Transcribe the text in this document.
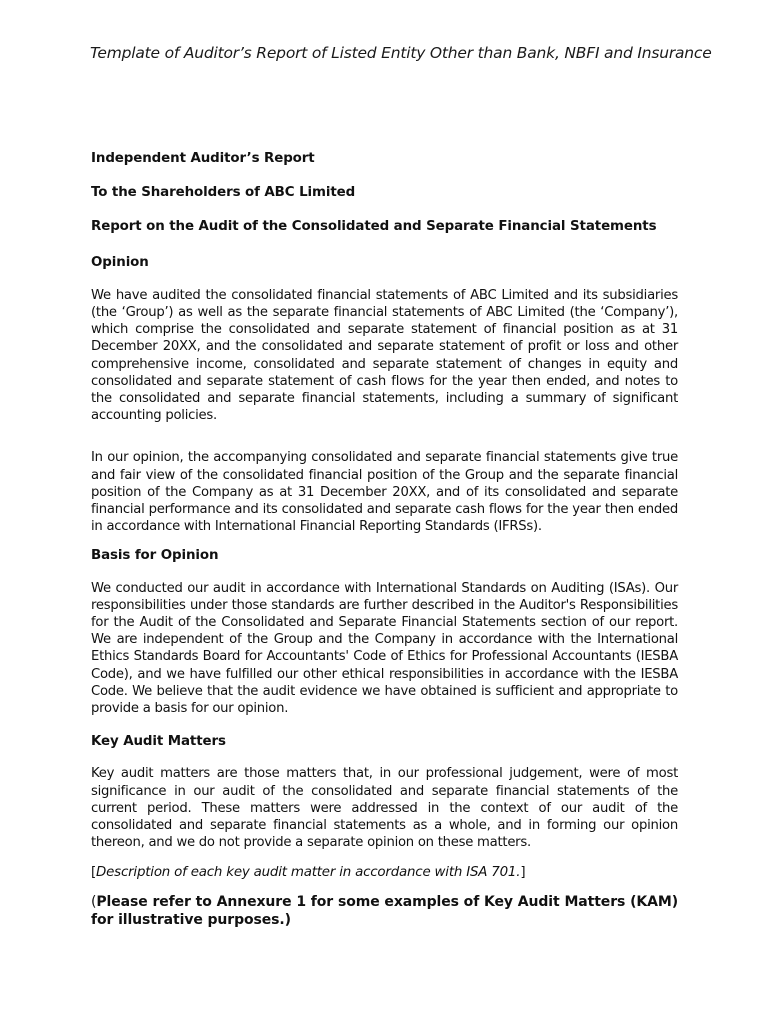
Template of Auditor’s Report of Listed Entity Other than Bank, NBFI and Insurance

Independent Auditor’s Report

To the Shareholders of ABC Limited

Report on the Audit of the Consolidated and Separate Financial Statements

Opinion

We have audited the consolidated financial statements of ABC Limited and its subsidiaries (the ‘Group’) as well as the separate financial statements of ABC Limited (the ‘Company’), which comprise the consolidated and separate statement of financial position as at 31 December 20XX, and the consolidated and separate statement of profit or loss and other comprehensive income, consolidated and separate statement of changes in equity and consolidated and separate statement of cash flows for the year then ended, and notes to the consolidated and separate financial statements, including a summary of significant accounting policies.

In our opinion, the accompanying consolidated and separate financial statements give true and fair view of the consolidated financial position of the Group and the separate financial position of the Company as at 31 December 20XX, and of its consolidated and separate financial performance and its consolidated and separate cash flows for the year then ended in accordance with International Financial Reporting Standards (IFRSs).

Basis for Opinion

We conducted our audit in accordance with International Standards on Auditing (ISAs). Our responsibilities under those standards are further described in the Auditor's Responsibilities for the Audit of the Consolidated and Separate Financial Statements section of our report. We are independent of the Group and the Company in accordance with the International Ethics Standards Board for Accountants' Code of Ethics for Professional Accountants (IESBA Code), and we have fulfilled our other ethical responsibilities in accordance with the IESBA Code. We believe that the audit evidence we have obtained is sufficient and appropriate to provide a basis for our opinion.

Key Audit Matters

Key audit matters are those matters that, in our professional judgement, were of most significance in our audit of the consolidated and separate financial statements of the current period. These matters were addressed in the context of our audit of the consolidated and separate financial statements as a whole, and in forming our opinion thereon, and we do not provide a separate opinion on these matters.

[Description of each key audit matter in accordance with ISA 701.]

(Please refer to Annexure 1 for some examples of Key Audit Matters (KAM) for illustrative purposes.)
